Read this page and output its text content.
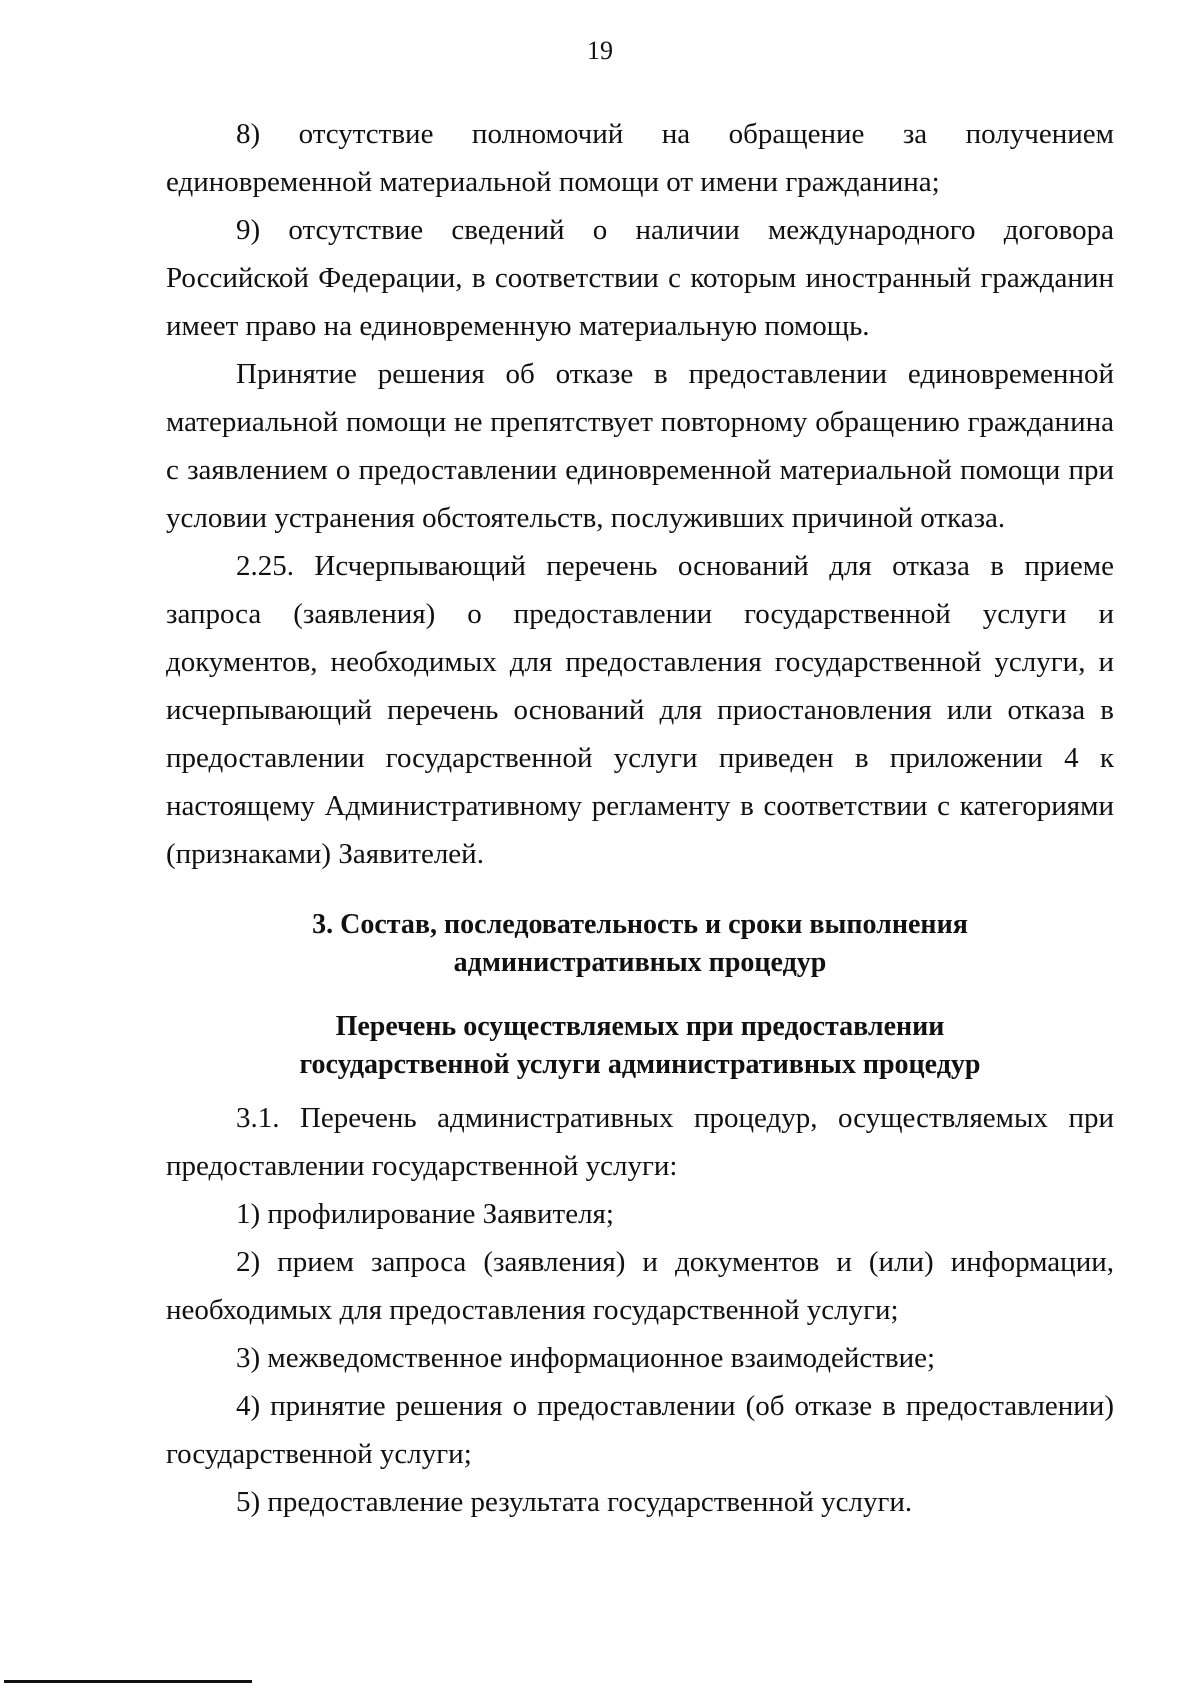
19

8) отсутствие полномочий на обращение за получением единовременной материальной помощи от имени гражданина;

9) отсутствие сведений о наличии международного договора Российской Федерации, в соответствии с которым иностранный гражданин имеет право на единовременную материальную помощь.

Принятие решения об отказе в предоставлении единовременной материальной помощи не препятствует повторному обращению гражданина с заявлением о предоставлении единовременной материальной помощи при условии устранения обстоятельств, послуживших причиной отказа.

2.25. Исчерпывающий перечень оснований для отказа в приеме запроса (заявления) о предоставлении государственной услуги и документов, необходимых для предоставления государственной услуги, и исчерпывающий перечень оснований для приостановления или отказа в предоставлении государственной услуги приведен в приложении 4 к настоящему Административному регламенту в соответствии с категориями (признаками) Заявителей.

3. Состав, последовательность и сроки выполнения
административных процедур
Перечень осуществляемых при предоставлении
государственной услуги административных процедур

3.1. Перечень административных процедур, осуществляемых при предоставлении государственной услуги:

1) профилирование Заявителя;

2) прием запроса (заявления) и документов и (или) информации, необходимых для предоставления государственной услуги;

3) межведомственное информационное взаимодействие;

4) принятие решения о предоставлении (об отказе в предоставлении) государственной услуги;

5) предоставление результата государственной услуги.
